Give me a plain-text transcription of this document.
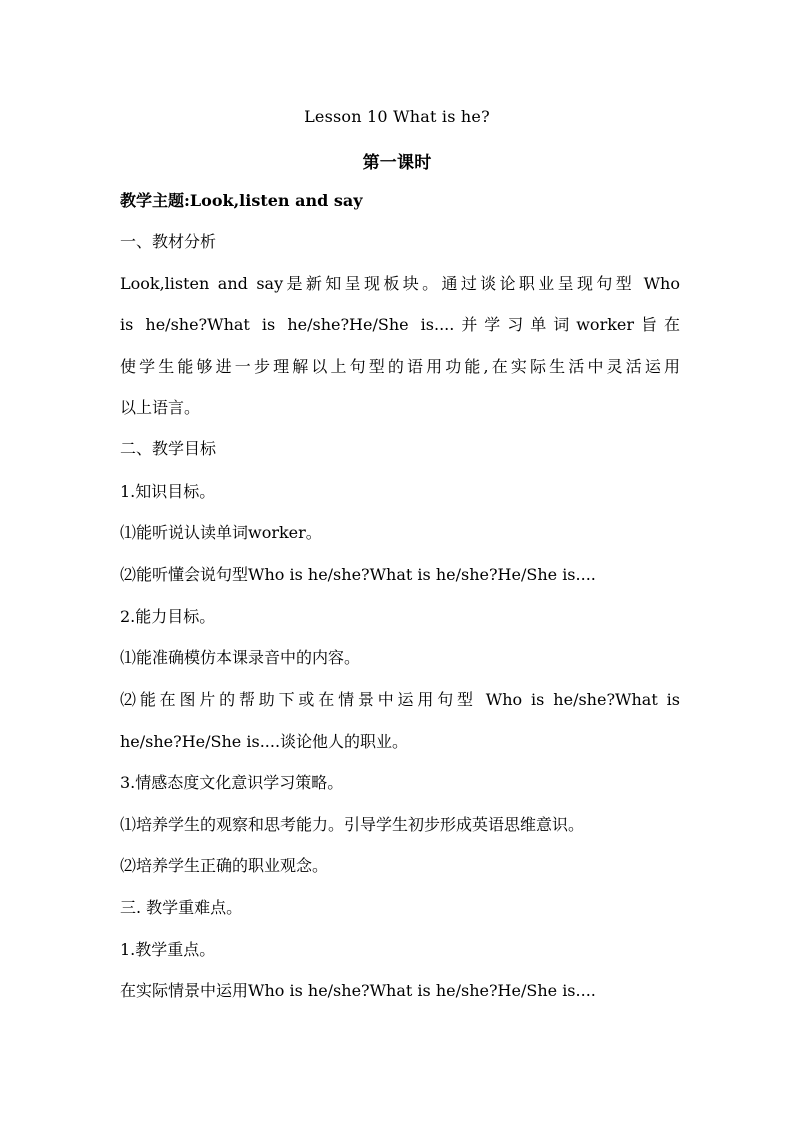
Lesson 10 What is he?
第一课时
教学主题:Look,listen and say
一、教材分析
Look,listen and say是新知呈现板块。通过谈论职业呈现句型 Who
is he/she?What is he/she?He/She is....并学习单词worker旨在
使学生能够进一步理解以上句型的语用功能,在实际生活中灵活运用
以上语言。
二、教学目标
1.知识目标。
⑴能听说认读单词worker。
⑵能听懂会说句型Who is he/she?What is he/she?He/She is....
2.能力目标。
⑴能准确模仿本课录音中的内容。
⑵能在图片的帮助下或在情景中运用句型 Who is he/she?What is
he/she?He/She is....谈论他人的职业。
3.情感态度文化意识学习策略。
⑴培养学生的观察和思考能力。引导学生初步形成英语思维意识。
⑵培养学生正确的职业观念。
三. 教学重难点。
1.教学重点。
在实际情景中运用Who is he/she?What is he/she?He/She is....
